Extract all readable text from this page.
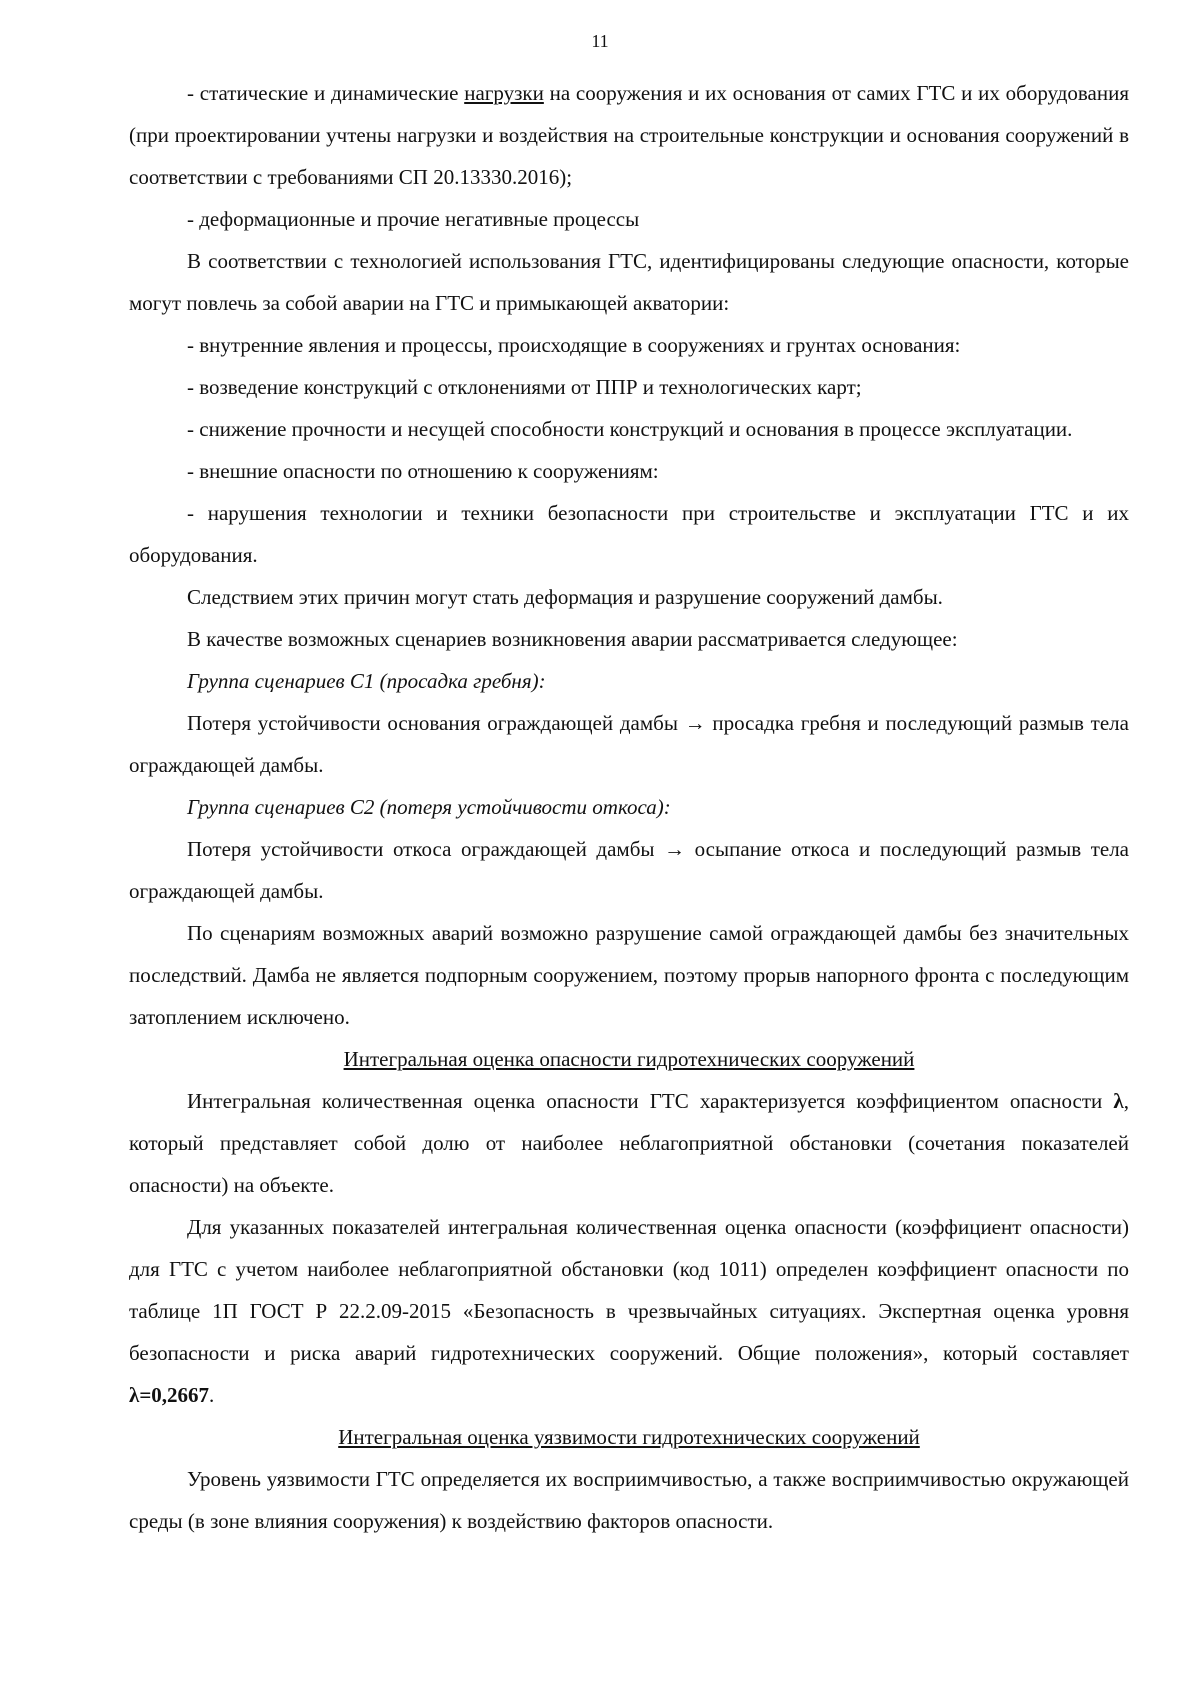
11

- статические и динамические нагрузки на сооружения и их основания от самих ГТС и их оборудования (при проектировании учтены нагрузки и воздействия на строительные конструкции и основания сооружений в соответствии с требованиями СП 20.13330.2016);

- деформационные и прочие негативные процессы

В соответствии с технологией использования ГТС, идентифицированы следующие опасности, которые могут повлечь за собой аварии на ГТС и примыкающей акватории:

- внутренние явления и процессы, происходящие в сооружениях и грунтах основания:

- возведение конструкций с отклонениями от ППР и технологических карт;

- снижение прочности и несущей способности конструкций и основания в процессе эксплуатации.

- внешние опасности по отношению к сооружениям:

- нарушения технологии и техники безопасности при строительстве и эксплуатации ГТС и их оборудования.

Следствием этих причин могут стать деформация и разрушение сооружений дамбы.

В качестве возможных сценариев возникновения аварии рассматривается следующее:

Группа сценариев С1 (просадка гребня):

Потеря устойчивости основания ограждающей дамбы → просадка гребня и последующий размыв тела ограждающей дамбы.

Группа сценариев С2 (потеря устойчивости откоса):

Потеря устойчивости откоса ограждающей дамбы → осыпание откоса и последующий размыв тела ограждающей дамбы.

По сценариям возможных аварий возможно разрушение самой ограждающей дамбы без значительных последствий. Дамба не является подпорным сооружением, поэтому прорыв напорного фронта с последующим затоплением исключено.

Интегральная оценка опасности гидротехнических сооружений

Интегральная количественная оценка опасности ГТС характеризуется коэффициентом опасности λ, который представляет собой долю от наиболее неблагоприятной обстановки (сочетания показателей опасности) на объекте.

Для указанных показателей интегральная количественная оценка опасности (коэффициент опасности) для ГТС с учетом наиболее неблагоприятной обстановки (код 1011) определен коэффициент опасности по таблице 1П ГОСТ Р 22.2.09-2015 «Безопасность в чрезвычайных ситуациях. Экспертная оценка уровня безопасности и риска аварий гидротехнических сооружений. Общие положения», который составляет λ=0,2667.

Интегральная оценка уязвимости гидротехнических сооружений

Уровень уязвимости ГТС определяется их восприимчивостью, а также восприимчивостью окружающей среды (в зоне влияния сооружения) к воздействию факторов опасности.
